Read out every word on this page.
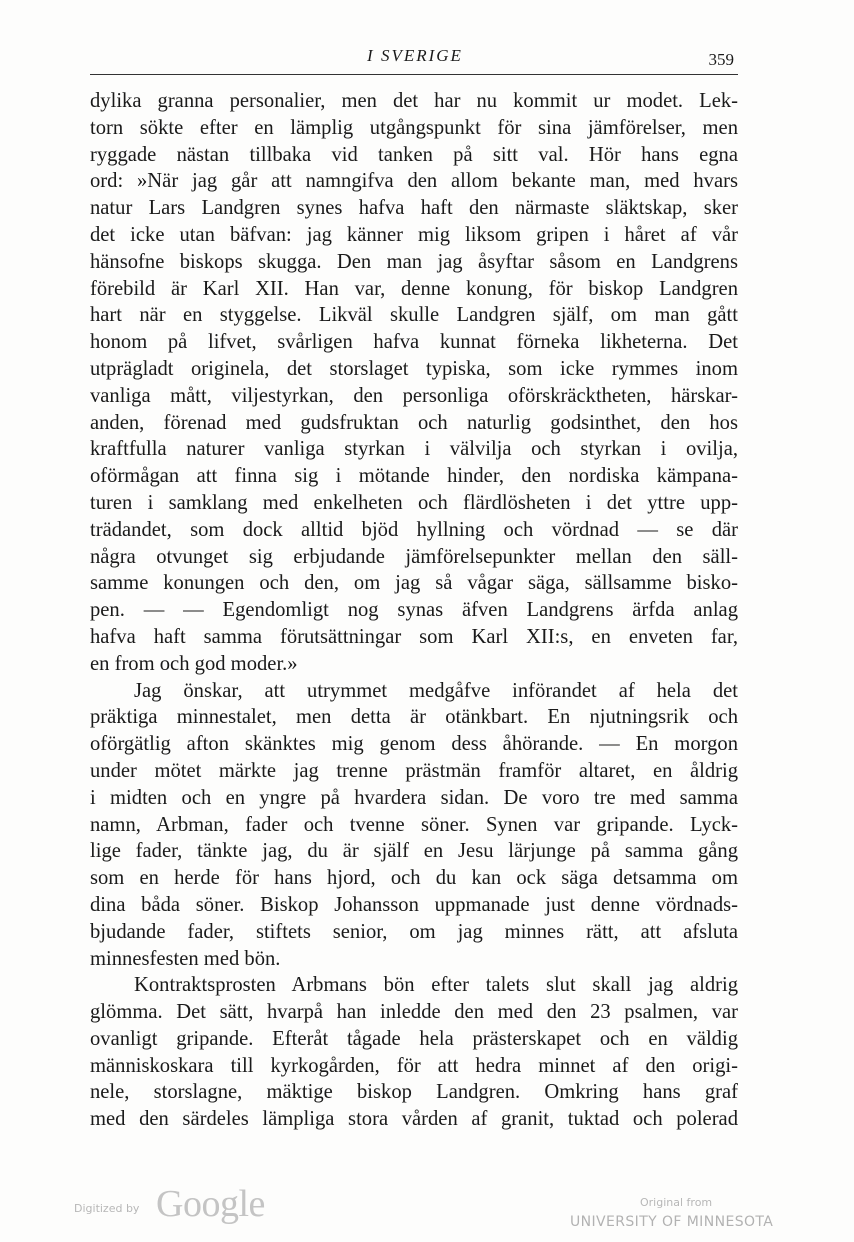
I SVERIGE	359
dylika granna personalier, men det har nu kommit ur modet. Lek-
torn sökte efter en lämplig utgångspunkt för sina jämförelser, men
ryggade nästan tillbaka vid tanken på sitt val. Hör hans egna
ord: »När jag går att namngifva den allom bekante man, med hvars
natur Lars Landgren synes hafva haft den närmaste släktskap, sker
det icke utan bäfvan: jag känner mig liksom gripen i håret af vår
hänsofne biskops skugga. Den man jag åsyftar såsom en Landgrens
förebild är Karl XII. Han var, denne konung, för biskop Landgren
hart när en styggelse. Likväl skulle Landgren själf, om man gått
honom på lifvet, svårligen hafva kunnat förneka likheterna. Det
utprägladt originela, det storslaget typiska, som icke rymmes inom
vanliga mått, viljestyrkan, den personliga oförskräcktheten, härskar-
anden, förenad med gudsfruktan och naturlig godsinthet, den hos
kraftfulla naturer vanliga styrkan i välvilja och styrkan i ovilja,
oförmågan att finna sig i mötande hinder, den nordiska kämpana-
turen i samklang med enkelheten och flärdlösheten i det yttre upp-
trädandet, som dock alltid bjöd hyllning och vördnad — se där
några otvunget sig erbjudande jämförelsepunkter mellan den säll-
samme konungen och den, om jag så vågar säga, sällsamme bisko-
pen. — — Egendomligt nog synas äfven Landgrens ärfda anlag
hafva haft samma förutsättningar som Karl XII:s, en enveten far,
en from och god moder.»
Jag önskar, att utrymmet medgåfve införandet af hela det
präktiga minnestalet, men detta är otänkbart. En njutningsrik och
oförgätlig afton skänktes mig genom dess åhörande. — En morgon
under mötet märkte jag trenne prästmän framför altaret, en åldrig
i midten och en yngre på hvardera sidan. De voro tre med samma
namn, Arbman, fader och tvenne söner. Synen var gripande. Lyck-
lige fader, tänkte jag, du är själf en Jesu lärjunge på samma gång
som en herde för hans hjord, och du kan ock säga detsamma om
dina båda söner. Biskop Johansson uppmanade just denne vördnads-
bjudande fader, stiftets senior, om jag minnes rätt, att afsluta
minnesfesten med bön.
Kontraktsprosten Arbmans bön efter talets slut skall jag aldrig
glömma. Det sätt, hvarpå han inledde den med den 23 psalmen, var
ovanligt gripande. Efteråt tågade hela prästerskapet och en väldig
människoskara till kyrkogården, för att hedra minnet af den origi-
nele, storslagne, mäktige biskop Landgren. Omkring hans graf
med den särdeles lämpliga stora vården af granit, tuktad och polerad
Digitized by Google	Original from
UNIVERSITY OF MINNESOTA
